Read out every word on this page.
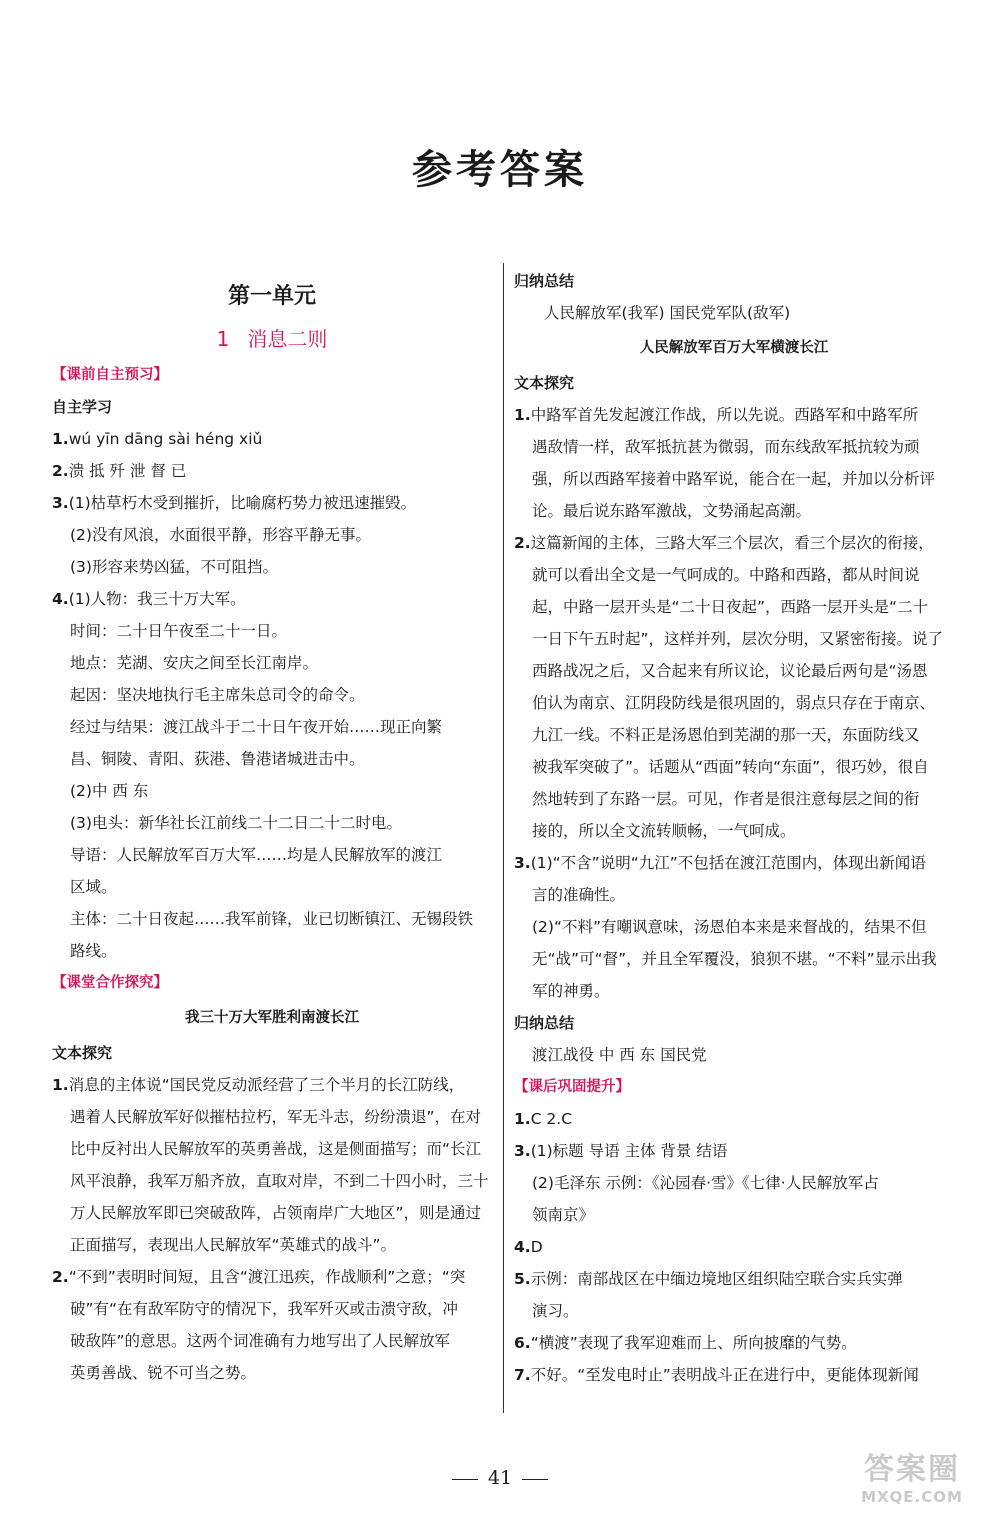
参考答案
第一单元
1 消息二则
【课前自主预习】
自主学习
1.wú yīn dāng sài héng xiǔ
2.溃 抵 歼 泄 督 已
3.(1)枯草朽木受到摧折，比喻腐朽势力被迅速摧毁。
(2)没有风浪，水面很平静，形容平静无事。
(3)形容来势凶猛，不可阻挡。
4.(1)人物：我三十万大军。
时间：二十日午夜至二十一日。
地点：芜湖、安庆之间至长江南岸。
起因：坚决地执行毛主席朱总司令的命令。
经过与结果：渡江战斗于二十日午夜开始……现正向繁
昌、铜陵、青阳、荻港、鲁港诸城进击中。
(2)中 西 东
(3)电头：新华社长江前线二十二日二十二时电。
导语：人民解放军百万大军……均是人民解放军的渡江
区域。
主体：二十日夜起……我军前锋，业已切断镇江、无锡段铁
路线。
【课堂合作探究】
我三十万大军胜利南渡长江
文本探究
1.消息的主体说“国民党反动派经营了三个半月的长江防线，
遇着人民解放军好似摧枯拉朽，军无斗志，纷纷溃退”，在对
比中反衬出人民解放军的英勇善战，这是侧面描写；而“长江
风平浪静，我军万船齐放，直取对岸，不到二十四小时，三十
万人民解放军即已突破敌阵，占领南岸广大地区”，则是通过
正面描写，表现出人民解放军“英雄式的战斗”。
2.“不到”表明时间短，且含“渡江迅疾，作战顺利”之意；“突
破”有“在有敌军防守的情况下，我军歼灭或击溃守敌，冲
破敌阵”的意思。这两个词准确有力地写出了人民解放军
英勇善战、锐不可当之势。
归纳总结
人民解放军(我军) 国民党军队(敌军)
人民解放军百万大军横渡长江
文本探究
1.中路军首先发起渡江作战，所以先说。西路军和中路军所
遇敌情一样，敌军抵抗甚为微弱，而东线敌军抵抗较为顽
强，所以西路军接着中路军说，能合在一起，并加以分析评
论。最后说东路军激战，文势涌起高潮。
2.这篇新闻的主体，三路大军三个层次，看三个层次的衔接，
就可以看出全文是一气呵成的。中路和西路，都从时间说
起，中路一层开头是“二十日夜起”，西路一层开头是“二十
一日下午五时起”，这样并列，层次分明，又紧密衔接。说了
西路战况之后，又合起来有所议论，议论最后两句是“汤恩
伯认为南京、江阴段防线是很巩固的，弱点只存在于南京、
九江一线。不料正是汤恩伯到芜湖的那一天，东面防线又
被我军突破了”。话题从“西面”转向“东面”，很巧妙，很自
然地转到了东路一层。可见，作者是很注意每层之间的衔
接的，所以全文流转顺畅，一气呵成。
3.(1)“不含”说明“九江”不包括在渡江范围内，体现出新闻语
言的准确性。
(2)“不料”有嘲讽意味，汤恩伯本来是来督战的，结果不但
无“战”可“督”，并且全军覆没，狼狈不堪。“不料”显示出我
军的神勇。
归纳总结
渡江战役 中 西 东 国民党
【课后巩固提升】
1.C 2.C
3.(1)标题 导语 主体 背景 结语
(2)毛泽东 示例：《沁园春·雪》《七律·人民解放军占
领南京》
4.D
5.示例：南部战区在中缅边境地区组织陆空联合实兵实弹
演习。
6.“横渡”表现了我军迎难而上、所向披靡的气势。
7.不好。“至发电时止”表明战斗正在进行中，更能体现新闻
41	答案圈
MXQE.COM
